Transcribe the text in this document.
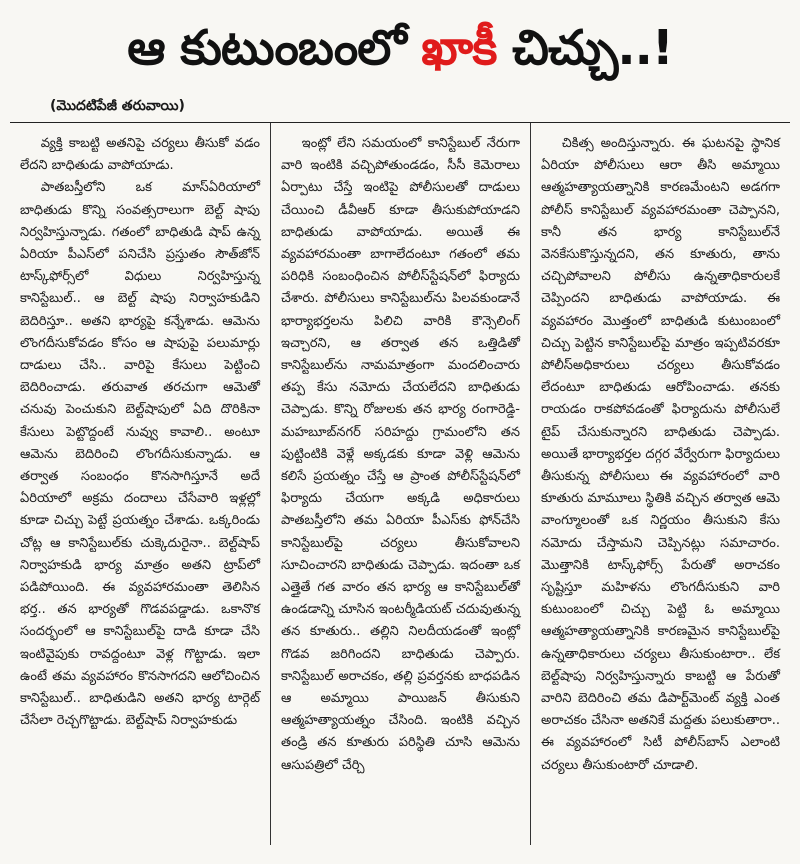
ఆ కుటుంబంలో
ఖాకీ
చిచ్చు..!
(మొదటిపేజీ తరువాయి)

వ్యక్తి కాబట్టి అతనిపై చర్యలు తీసుకో వడం లేదని బాధితుడు వాపోయాడు.

పాతబస్తీలోని ఒక మాస్‌ఏరియాలో బాధితుడు కొన్ని సంవత్సరాలుగా బెల్ట్ షాపు నిర్వహిస్తున్నాడు. గతంలో బాధితుడి షాప్ ఉన్న ఏరియా పీఎస్‌లో పనిచేసి ప్రస్తుతం సౌత్‌జోన్ టాస్క్‌ఫోర్స్‌లో విధులు నిర్వహిస్తున్న కానిస్టేబుల్.. ఆ బెల్ట్ షాపు నిర్వాహకుడిని బెదిరిస్తూ.. అతని భార్యపై కన్నేశాడు. ఆమెను లొంగదీసుకోవడం కోసం ఆ షాపుపై పలుమార్లు దాడులు చేసి.. వారిపై కేసులు పెట్టించి బెదిరించాడు. తరువాత తరచుగా ఆమెతో చనువు పెంచుకుని బెల్ట్‌షాపులో ఏది దొరికినా కేసులు పెట్టొద్దంటే నువ్వు కావాలి.. అంటూ ఆమెను బెదిరించి లొంగదీసుకున్నాడు. ఆ తర్వాత సంబంధం కొనసాగిస్తూనే అదే ఏరియాలో అక్రమ దందాలు చేసేవారి ఇళ్లల్లో కూడా చిచ్చు పెట్టే ప్రయత్నం చేశాడు. ఒక్కరిండు చోట్ల ఆ కానిస్టేబుల్‌కు చుక్కెదురైనా.. బెల్ట్‌షాప్ నిర్వాహకుడి భార్య మాత్రం అతని ట్రాప్‌లో పడిపోయింది. ఈ వ్యవహారమంతా తెలిసిన భర్త.. తన భార్యతో గొడవపడ్డాడు. ఒకానొక సందర్భంలో ఆ కానిస్టేబుల్‌పై దాడి కూడా చేసి ఇంటివైపుకు రావద్దంటూ వెళ్ల గొట్టాడు. ఇలా ఉంటే తమ వ్యవహారం కొనసాగదని ఆలోచించిన కానిస్టేబుల్.. బాధితుడిని అతని భార్య టార్గెట్ చేసేలా రెచ్చగొట్టాడు. బెల్ట్‌షాప్ నిర్వాహకుడు

ఇంట్లో లేని సమయంలో కానిస్టేబుల్ నేరుగా వారి ఇంటికి వచ్చిపోతుండడం, సీసీ కెమెరాలు ఏర్పాటు చేస్తే ఇంటిపై పోలీసులతో దాడులు చేయించి డీవీఆర్ కూడా తీసుకుపోయాడని బాధితుడు వాపోయాడు. అయితే ఈ వ్యవహారమంతా బాగాలేదంటూ గతంలో తమ పరిధికి సంబంధించిన పోలీస్‌స్టేషన్‌లో ఫిర్యాదు చేశారు. పోలీసులు కానిస్టేబుల్‌ను పిలవకుండానే భార్యాభర్తలను పిలిచి వారికి కౌన్సెలింగ్ ఇచ్చారని, ఆ తర్వాత తన ఒత్తిడితో కానిస్టేబుల్‌ను నామమాత్రంగా మందలించారు తప్ప కేసు నమోదు చేయలేదని బాధితుడు చెప్పాడు. కొన్ని రోజులకు తన భార్య రంగారెడ్డి-మహబూబ్‌నగర్ సరిహద్దు గ్రామంలోని తన పుట్టింటికి వెళ్లే అక్కడకు కూడా వెళ్లి ఆమెను కలిసే ప్రయత్నం చేస్తే ఆ ప్రాంత పోలీస్‌స్టేషన్‌లో ఫిర్యాదు చేయగా అక్కడి అధికారులు పాతబస్తీలోని తమ ఏరియా పీఎస్‌కు ఫోన్‌చేసి కానిస్టేబుల్‌పై చర్యలు తీసుకోవాలని సూచించారని బాధితుడు చెప్పాడు. ఇదంతా ఒక ఎత్తైతే గత వారం తన భార్య ఆ కానిస్టేబుల్‌తో ఉండడాన్ని చూసిన ఇంటర్మీడియట్ చదువుతున్న తన కూతురు.. తల్లిని నిలదీయడంతో ఇంట్లో గొడవ జరిగిందని బాధితుడు చెప్పారు. కానిస్టేబుల్ అరాచకం, తల్లి ప్రవర్తనకు బాధపడిన ఆ అమ్మాయి పాయిజన్ తీసుకుని ఆత్మహత్యాయత్నం చేసింది. ఇంటికి వచ్చిన తండ్రి తన కూతురు పరిస్థితి చూసి ఆమెను ఆసుపత్రిలో చేర్చి

చికిత్స అందిస్తున్నారు. ఈ ఘటనపై స్థానిక ఏరియా పోలీసులు ఆరా తీసి అమ్మాయి ఆత్మహత్యాయత్నానికి కారణమేంటని అడగగా పోలీస్ కానిస్టేబుల్ వ్యవహారమంతా చెప్పానని, కానీ తన భార్య కానిస్టేబుల్‌నే వెనకేసుకొస్తున్నదని, తన కూతురు, తాను చచ్చిపోవాలని పోలీసు ఉన్నతాధికారులకే చెప్పిందని బాధితుడు వాపోయాడు. ఈ వ్యవహారం మొత్తంలో బాధితుడి కుటుంబంలో చిచ్చు పెట్టిన కానిస్టేబుల్‌పై మాత్రం ఇప్పటివరకూ పోలీస్‌అధికారులు చర్యలు తీసుకోవడం లేదంటూ బాధితుడు ఆరోపించాడు. తనకు రాయడం రాకపోవడంతో ఫిర్యాదును పోలీసులే టైప్ చేసుకున్నారని బాధితుడు చెప్పాడు. అయితే భార్యాభర్తల దగ్గర వేర్వేరుగా ఫిర్యాదులు తీసుకున్న పోలీసులు ఈ వ్యవహారంలో వారి కూతురు మామూలు స్థితికి వచ్చిన తర్వాత ఆమె వాంగ్మూలంతో ఒక నిర్ణయం తీసుకుని కేసు నమోదు చేస్తామని చెప్పినట్లు సమాచారం. మొత్తానికి టాస్క్‌ఫోర్స్ పేరుతో అరాచకం సృష్టిస్తూ మహిళను లొంగదీసుకుని వారి కుటుంబంలో చిచ్చు పెట్టి ఓ అమ్మాయి ఆత్మహత్యాయత్నానికి కారణమైన కానిస్టేబుల్‌పై ఉన్నతాధికారులు చర్యలు తీసుకుంటారా.. లేక బెల్ట్‌షాపు నిర్వహిస్తున్నారు కాబట్టి ఆ పేరుతో వారిని బెదిరించి తమ డిపార్ట్‌మెంట్ వ్యక్తి ఎంత అరాచకం చేసినా అతనికే మద్దతు పలుకుతారా.. ఈ వ్యవహారంలో సిటీ పోలీస్‌బాస్ ఎలాంటి చర్యలు తీసుకుంటారో చూడాలి.
